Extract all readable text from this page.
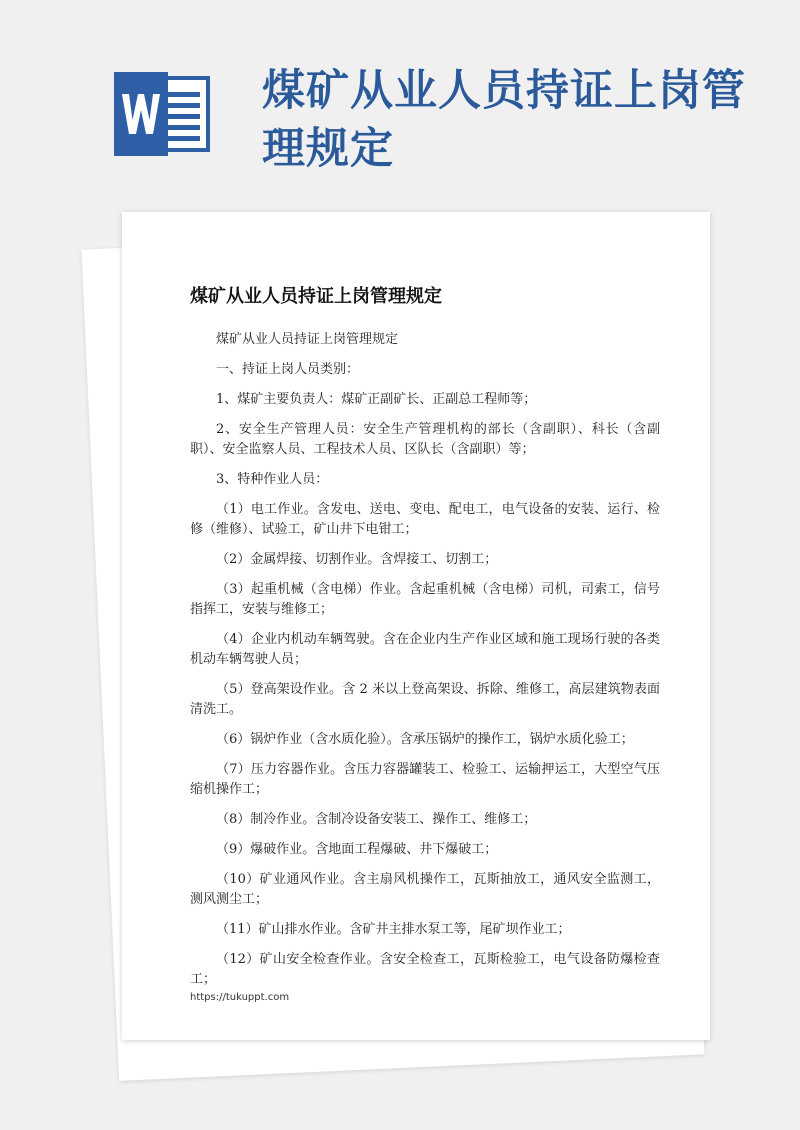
煤矿从业人员持证上岗管理规定
煤矿从业人员持证上岗管理规定

煤矿从业人员持证上岗管理规定

一、持证上岗人员类别：

1、煤矿主要负责人：煤矿正副矿长、正副总工程师等；

2、安全生产管理人员：安全生产管理机构的部长（含副职）、科长（含副职）、安全监察人员、工程技术人员、区队长（含副职）等；

3、特种作业人员：

（1）电工作业。含发电、送电、变电、配电工，电气设备的安装、运行、检修（维修）、试验工，矿山井下电钳工；

（2）金属焊接、切割作业。含焊接工、切割工；

（3）起重机械（含电梯）作业。含起重机械（含电梯）司机，司索工，信号指挥工，安装与维修工；

（4）企业内机动车辆驾驶。含在企业内生产作业区域和施工现场行驶的各类机动车辆驾驶人员；

（5）登高架设作业。含 2 米以上登高架设、拆除、维修工，高层建筑物表面清洗工。

（6）锅炉作业（含水质化验）。含承压锅炉的操作工，锅炉水质化验工；

（7）压力容器作业。含压力容器罐装工、检验工、运输押运工，大型空气压缩机操作工；

（8）制冷作业。含制冷设备安装工、操作工、维修工；

（9）爆破作业。含地面工程爆破、井下爆破工；

（10）矿业通风作业。含主扇风机操作工，瓦斯抽放工，通风安全监测工，测风测尘工；

（11）矿山排水作业。含矿井主排水泵工等，尾矿坝作业工；

（12）矿山安全检查作业。含安全检查工，瓦斯检验工，电气设备防爆检查工；

https://tukuppt.com
